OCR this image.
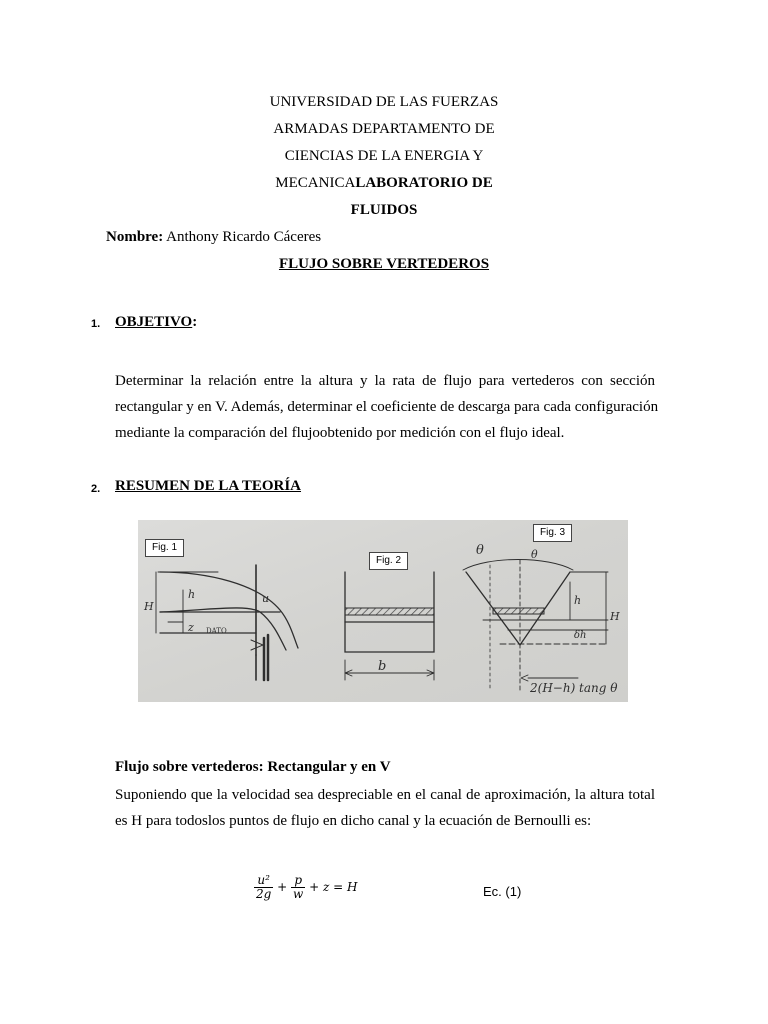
UNIVERSIDAD DE LAS FUERZAS
ARMADAS DEPARTAMENTO DE
CIENCIAS DE LA ENERGIA Y
MECANICALABORATORIO DE
FLUIDOS
Nombre: Anthony Ricardo Cáceres
FLUJO SOBRE VERTEDEROS
1. OBJETIVO:
Determinar la relación entre la altura y la rata de flujo para vertederos con sección
rectangular y en V. Además, determinar el coeficiente de descarga para cada configuración
mediante la comparación del flujoobtenido por medición con el flujo ideal.
2. RESUMEN DE LA TEORÍA
H
h	u
z DATO
b
θ	θ
h
H
δh
2(H−h) tang θ
Fig. 1
Fig. 2
Fig. 3
Flujo sobre vertederos: Rectangular y en V
Suponiendo que la velocidad sea despreciable en el canal de aproximación, la altura total
es H para todoslos puntos de flujo en dicho canal y la ecuación de Bernoulli es:
$\frac{\text{u²}}{2g} + \frac{p}{w} + z = H$	Ec. (1)
